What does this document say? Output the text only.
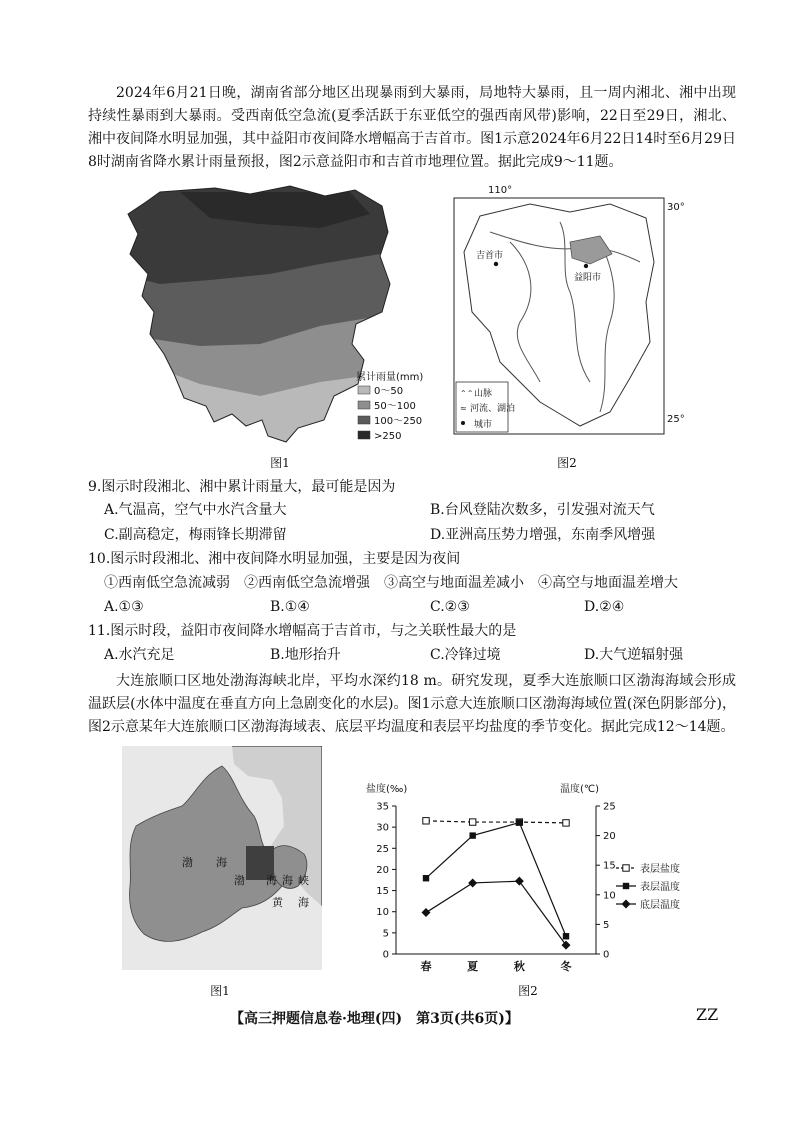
2024年6月21日晚，湖南省部分地区出现暴雨到大暴雨，局地特大暴雨，且一周内湘北、湘中出现持续性暴雨到大暴雨。受西南低空急流(夏季活跃于东亚低空的强西南风带)影响，22日至29日，湘北、湘中夜间降水明显加强，其中益阳市夜间降水增幅高于吉首市。图1示意2024年6月22日14时至6月29日8时湖南省降水累计雨量预报，图2示意益阳市和吉首市地理位置。据此完成9～11题。

累计雨量(mm)
0～50
50～100
100～250
>250
图1
110°
30°
25°
吉首市
益阳市
⌃⌃ 山脉
≈ 河流、湖泊
城市
图2

9.图示时段湘北、湘中累计雨量大，最可能是因为

A.气温高，空气中水汽含量大	B.台风登陆次数多，引发强对流天气
C.副高稳定，梅雨锋长期滞留	D.亚洲高压势力增强，东南季风增强

10.图示时段湘北、湘中夜间降水明显加强，主要是因为夜间

①西南低空急流减弱　②西南低空急流增强　③高空与地面温差减小　④高空与地面温差增大
A.①③	B.①④	C.②③	D.②④

11.图示时段，益阳市夜间降水增幅高于吉首市，与之关联性最大的是

A.水汽充足	B.地形抬升	C.冷锋过境	D.大气逆辐射强

大连旅顺口区地处渤海海峡北岸，平均水深约18 m。研究发现，夏季大连旅顺口区渤海海域会形成温跃层(水体中温度在垂直方向上急剧变化的水层)。图1示意大连旅顺口区渤海海域位置(深色阴影部分)，图2示意某年大连旅顺口区渤海海域表、底层平均温度和表层平均盐度的季节变化。据此完成12～14题。

渤 海
渤 海 海 峡
黄 海
图1
盐度(‰)	温度(℃)
0
5
10
15
20
25
30
35
0
5
10
15
20
25
春	夏	秋	冬
表层盐度
表层温度
底层温度
图2
【高三押题信息卷·地理(四)　第3页(共6页)】	ZZ
